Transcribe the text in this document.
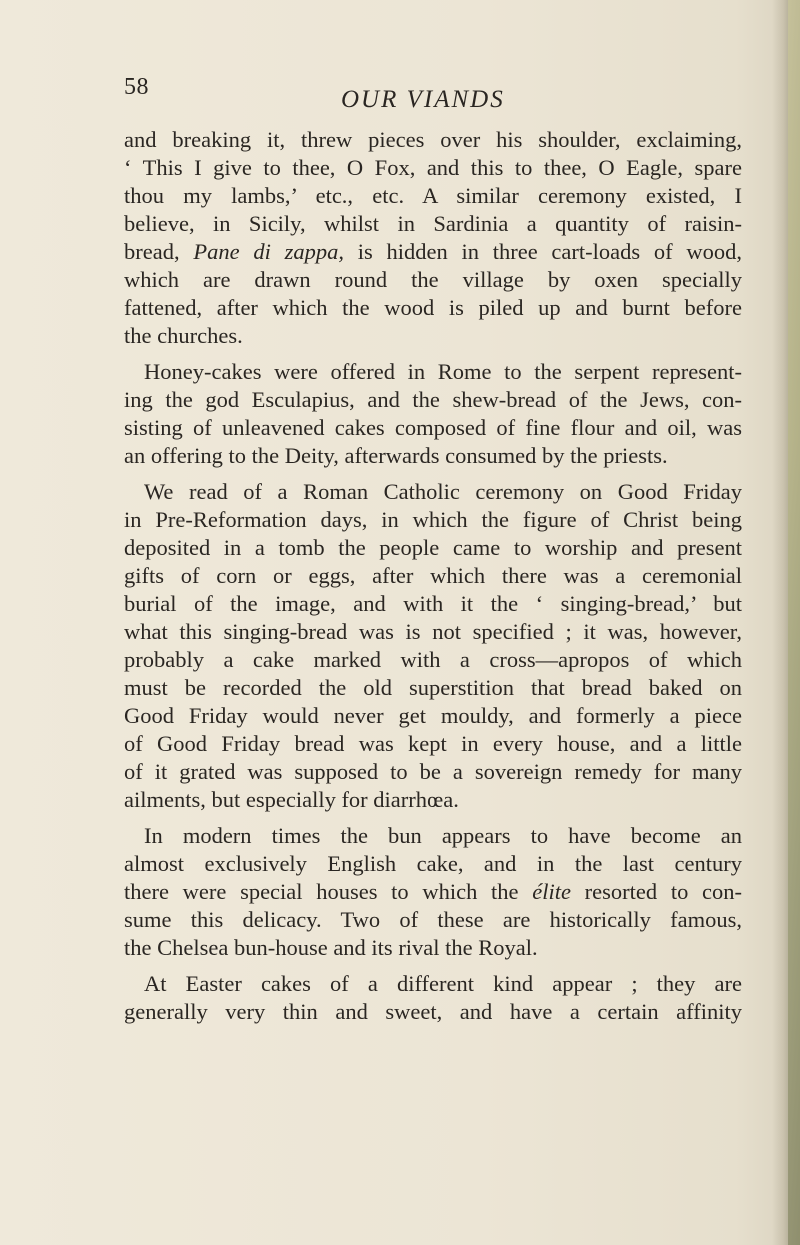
58	OUR VIANDS
and breaking it, threw pieces over his shoulder, exclaiming,
‘ This I give to thee, O Fox, and this to thee, O Eagle, spare
thou my lambs,’ etc., etc. A similar ceremony existed, I
believe, in Sicily, whilst in Sardinia a quantity of raisin-
bread, Pane di zappa, is hidden in three cart-loads of wood,
which are drawn round the village by oxen specially
fattened, after which the wood is piled up and burnt before
the churches.
Honey-cakes were offered in Rome to the serpent represent-
ing the god Esculapius, and the shew-bread of the Jews, con-
sisting of unleavened cakes composed of fine flour and oil, was
an offering to the Deity, afterwards consumed by the priests.
We read of a Roman Catholic ceremony on Good Friday
in Pre-Reformation days, in which the figure of Christ being
deposited in a tomb the people came to worship and present
gifts of corn or eggs, after which there was a ceremonial
burial of the image, and with it the ‘ singing-bread,’ but
what this singing-bread was is not specified ; it was, however,
probably a cake marked with a cross—apropos of which
must be recorded the old superstition that bread baked on
Good Friday would never get mouldy, and formerly a piece
of Good Friday bread was kept in every house, and a little
of it grated was supposed to be a sovereign remedy for many
ailments, but especially for diarrhœa.
In modern times the bun appears to have become an
almost exclusively English cake, and in the last century
there were special houses to which the élite resorted to con-
sume this delicacy. Two of these are historically famous,
the Chelsea bun-house and its rival the Royal.
At Easter cakes of a different kind appear ; they are
generally very thin and sweet, and have a certain affinity
